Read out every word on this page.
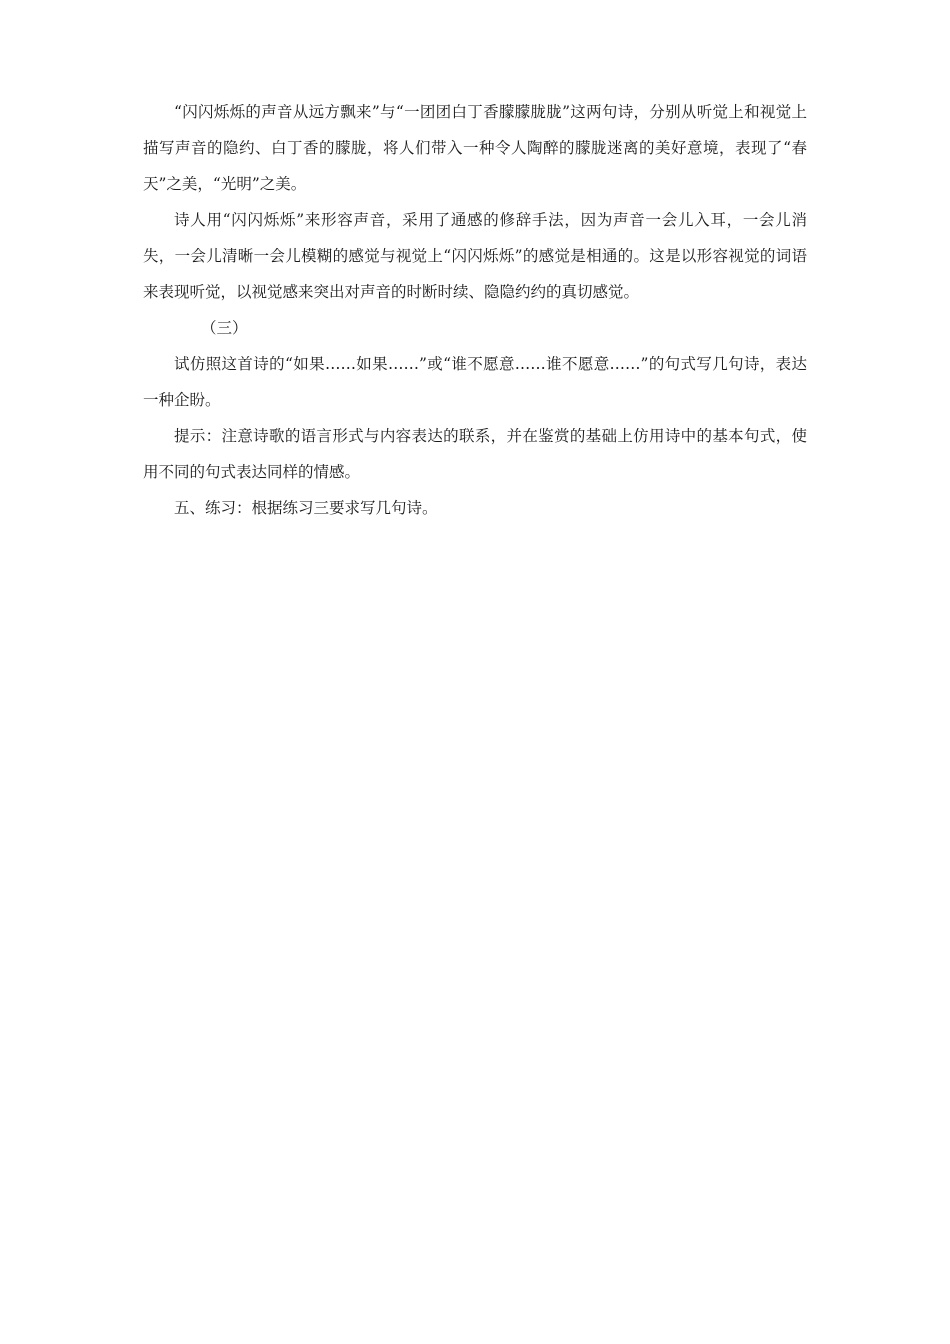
“闪闪烁烁的声音从远方飘来”与“一团团白丁香朦朦胧胧”这两句诗，分别从听觉上和视觉上描写声音的隐约、白丁香的朦胧，将人们带入一种令人陶醉的朦胧迷离的美好意境，表现了“春天”之美，“光明”之美。

诗人用“闪闪烁烁”来形容声音，采用了通感的修辞手法，因为声音一会儿入耳，一会儿消失，一会儿清晰一会儿模糊的感觉与视觉上“闪闪烁烁”的感觉是相通的。这是以形容视觉的词语来表现听觉，以视觉感来突出对声音的时断时续、隐隐约约的真切感觉。

（三）

试仿照这首诗的“如果……如果……”或“谁不愿意……谁不愿意……”的句式写几句诗，表达一种企盼。

提示：注意诗歌的语言形式与内容表达的联系，并在鉴赏的基础上仿用诗中的基本句式，使用不同的句式表达同样的情感。

五、练习：根据练习三要求写几句诗。
